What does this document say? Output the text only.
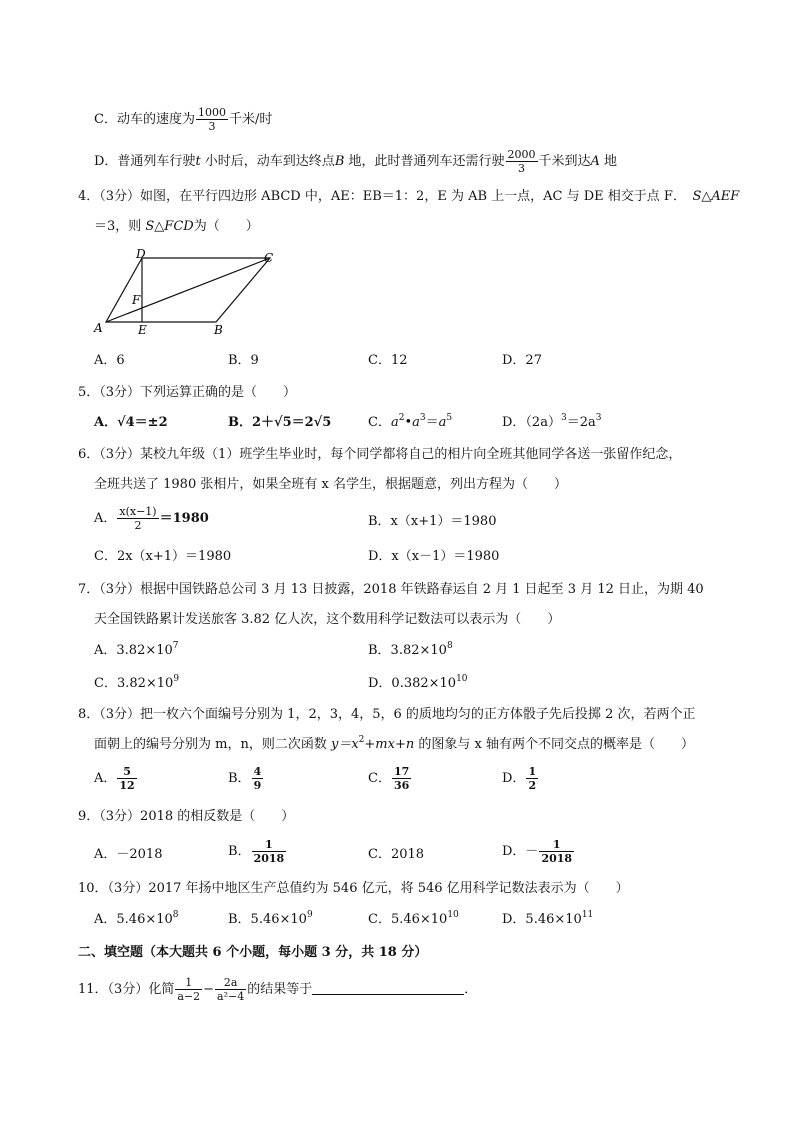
C．动车的速度为 $\frac{1000}{3}$ 千米/时
D．普通列车行驶t 小时后，动车到达终点B 地，此时普通列车还需行驶 $\frac{2000}{3}$ 千米到达A 地
4．（3分）如图，在平行四边形 ABCD 中，AE：EB＝1：2，E 为 AB 上一点，AC 与 DE 相交于点 F．　 S△AEF
＝3，则 S△FCD为（　　）
D	C
F
A	E	B
A．6	B．9	C．12	D．27
5．（3分）下列运算正确的是（　　）
A．√4＝±2	B．2＋√5＝2√5	C．$a^2•a^3=a^5$	D．$(2a)^3=2a^3$
6．（3分）某校九年级（1）班学生毕业时，每个同学都将自己的相片向全班其他同学各送一张留作纪念，
全班共送了 1980 张相片，如果全班有 x 名学生，根据题意，列出方程为（　　）
A． $\frac{x(x-1)}{2} =1980$	B．x（x+1）＝1980
C．2x（x+1）＝1980	D．x（x－1）＝1980
7．（3分）根据中国铁路总公司 3 月 13 日披露，2018 年铁路春运自 2 月 1 日起至 3 月 12 日止，为期 40
天全国铁路累计发送旅客 3.82 亿人次，这个数用科学记数法可以表示为（　　）
A．$3.82\times 10^7$	B．$3.82\times 10^8$
C．$3.82\times 10^9$	D．$0.382\times 10^{10}$
8．（3分）把一枚六个面编号分别为 1，2，3，4，5，6 的质地均匀的正方体骰子先后投掷 2 次，若两个正
面朝上的编号分别为 m，n，则二次函数 $y=x^2+mx+n$ 的图象与 x 轴有两个不同交点的概率是（　　）
A． $\frac{5}{12}$	B． $\frac{4}{9}$	C． $\frac{17}{36}$	D． $\frac{1}{2}$
9．（3分）2018 的相反数是（　　）
A．－2018	B． $\frac{1}{2018}$	C．2018	D．－ $\frac{1}{2018}$
10．（3分）2017 年扬中地区生产总值约为 546 亿元，将 546 亿用科学记数法表示为（　　）
A．$5.46\times 10^8$	B．$5.46\times 10^9$	C．$5.46\times 10^{10}$	D．$5.46\times 10^{11}$
二、填空题（本大题共 6 个小题，每小题 3 分，共 18 分）
11．（3分）化简 $\frac{1}{a-2} - \frac{2a}{\text{a²−4}}$ 的结果等于	．
